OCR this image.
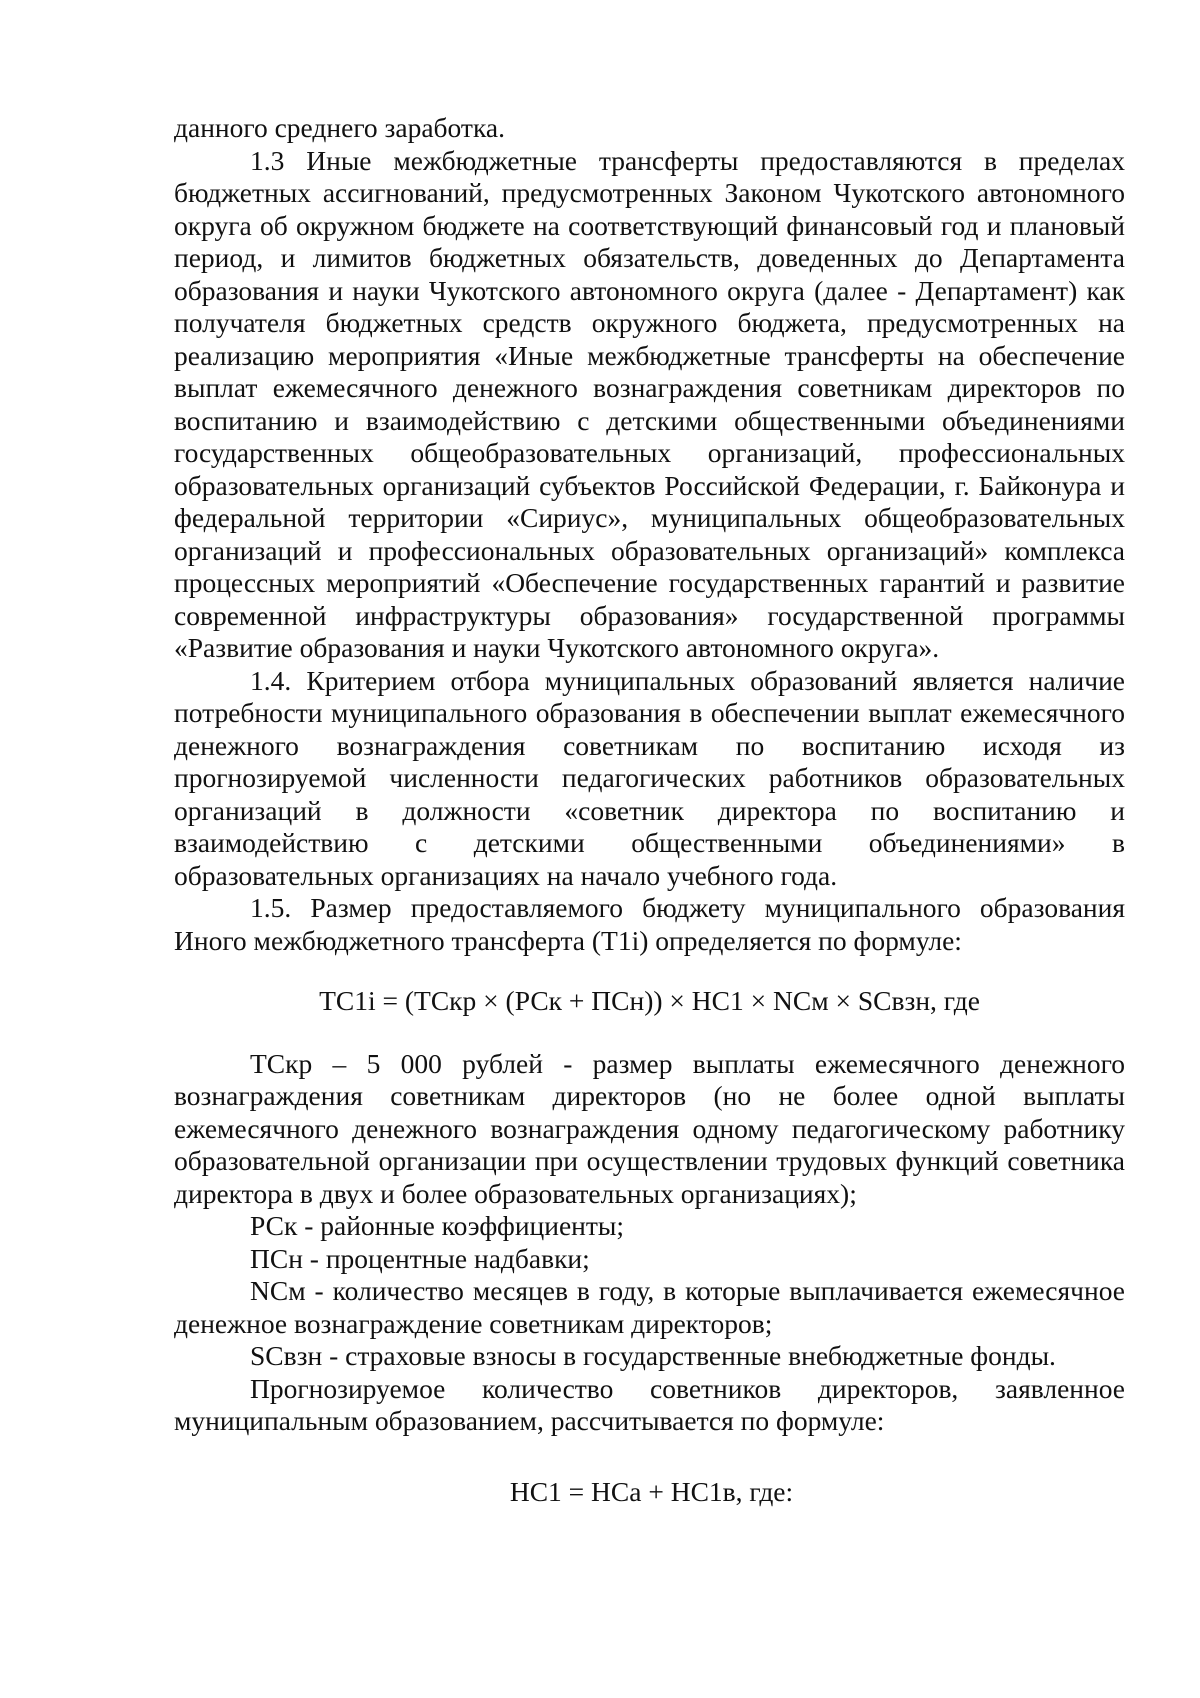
данного среднего заработка.

1.3 Иные межбюджетные трансферты предоставляются в пределах бюджетных ассигнований, предусмотренных Законом Чукотского автономного округа об окружном бюджете на соответствующий финансовый год и плановый период, и лимитов бюджетных обязательств, доведенных до Департамента образования и науки Чукотского автономного округа (далее - Департамент) как получателя бюджетных средств окружного бюджета, предусмотренных на реализацию мероприятия «Иные межбюджетные трансферты на обеспечение выплат ежемесячного денежного вознаграждения советникам директоров по воспитанию и взаимодействию с детскими общественными объединениями государственных общеобразовательных организаций, профессиональных образовательных организаций субъектов Российской Федерации, г. Байконура и федеральной территории «Сириус», муниципальных общеобразовательных организаций и профессиональных образовательных организаций» комплекса процессных мероприятий «Обеспечение государственных гарантий и развитие современной инфраструктуры образования» государственной программы «Развитие образования и науки Чукотского автономного округа».

1.4. Критерием отбора муниципальных образований является наличие потребности муниципального образования в обеспечении выплат ежемесячного денежного вознаграждения советникам по воспитанию исходя из прогнозируемой численности педагогических работников образовательных организаций в должности «советник директора по воспитанию и взаимодействию с детскими общественными объединениями» в образовательных организациях на начало учебного года.

1.5. Размер предоставляемого бюджету муниципального образования Иного межбюджетного трансферта (Т1i) определяется по формуле:

ТС1i = (ТСкр × (РСк + ПСн)) × НС1 × NСм × SСвзн, где

ТСкр – 5 000 рублей - размер выплаты ежемесячного денежного вознаграждения советникам директоров (но не более одной выплаты ежемесячного денежного вознаграждения одному педагогическому работнику образовательной организации при осуществлении трудовых функций советника директора в двух и более образовательных организациях);

РСк - районные коэффициенты;

ПСн - процентные надбавки;

NСм - количество месяцев в году, в которые выплачивается ежемесячное денежное вознаграждение советникам директоров;

SСвзн - страховые взносы в государственные внебюджетные фонды.

Прогнозируемое количество советников директоров, заявленное муниципальным образованием, рассчитывается по формуле:

НС1 = НСа + НС1в, где:
